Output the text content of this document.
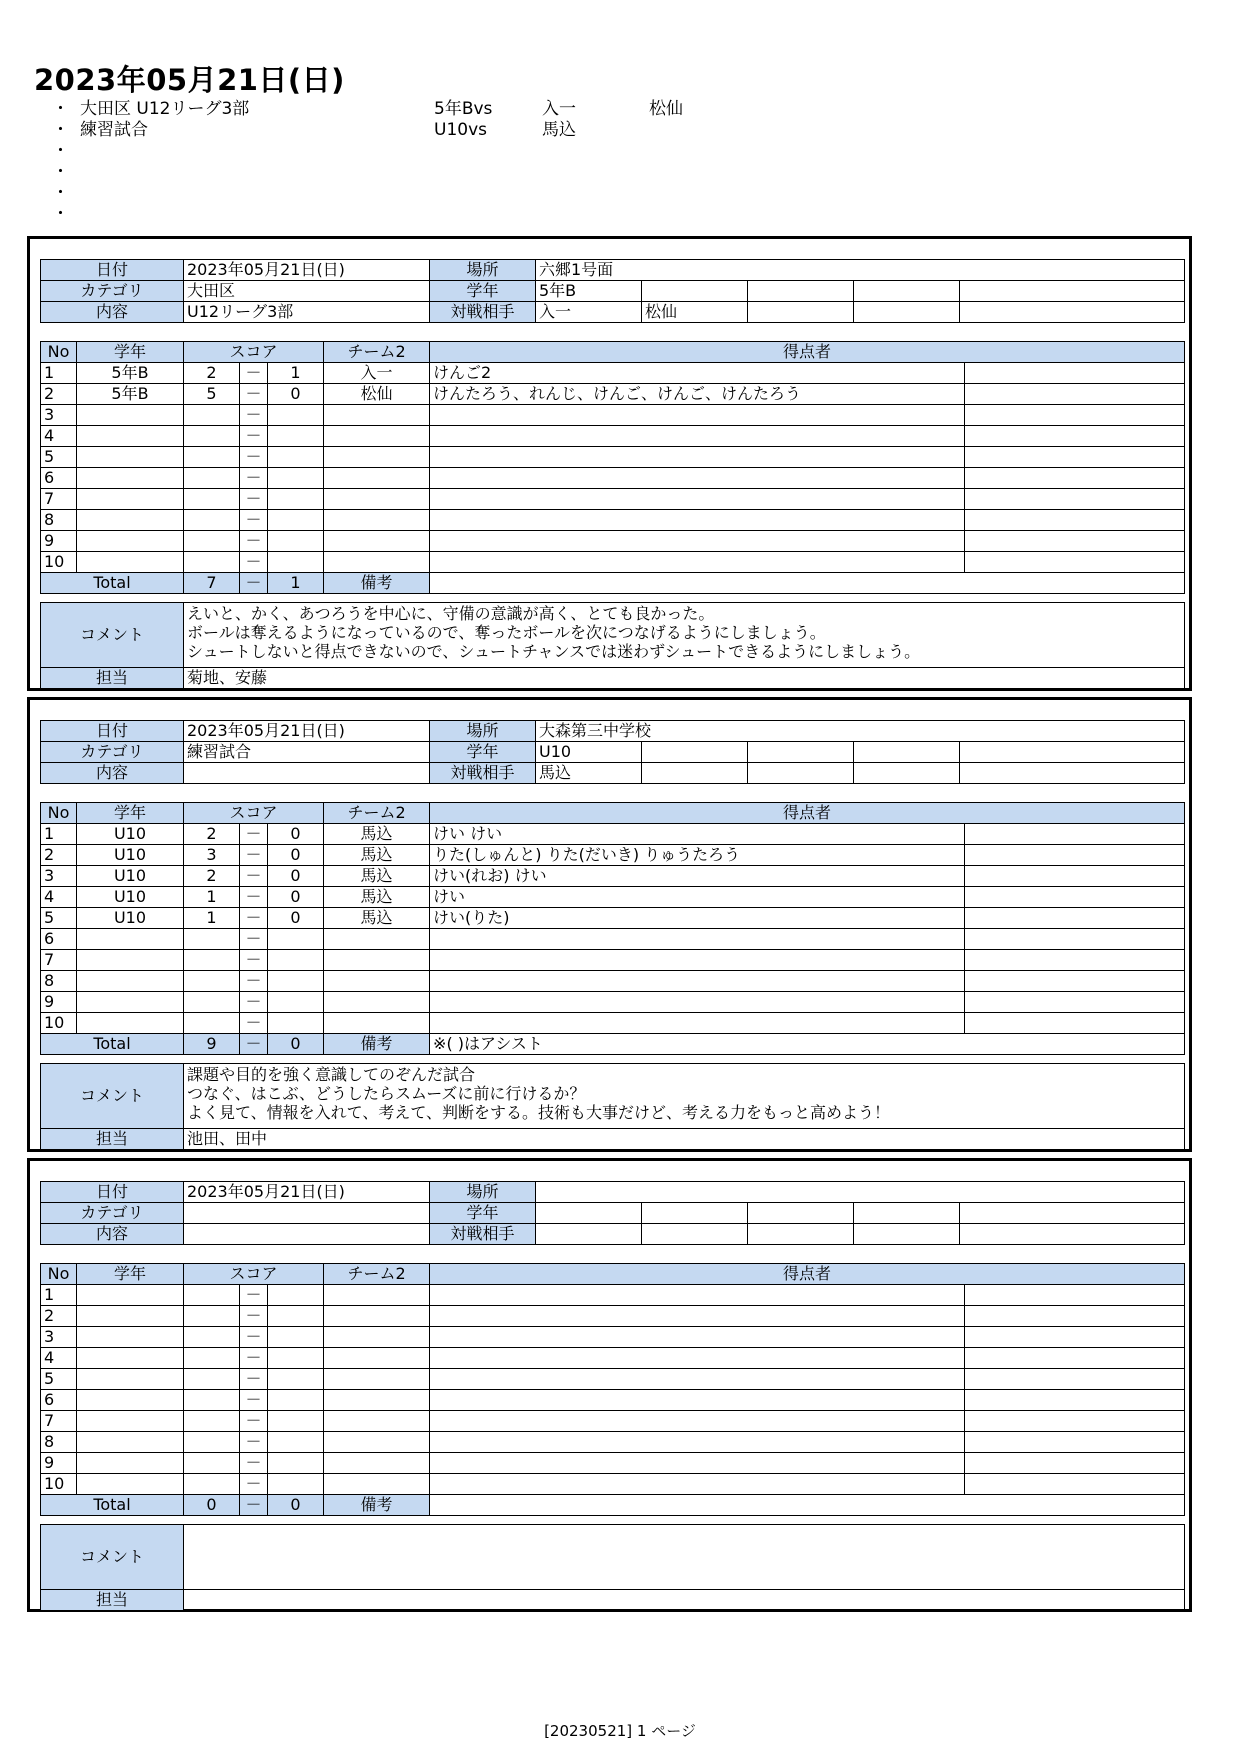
2023年05月21日(日)
・ 大田区 U12リーグ3部	5年Bvs	入一	松仙
・ 練習試合	U10vs	馬込
・
・
・
・
日付	2023年05月21日(日)	場所	六郷1号面				
カテゴリ	大田区	学年	5年B				
内容	U12リーグ3部	対戦相手	入一	松仙			
No	学年	スコア			チーム2	得点者	
1	5年B	2	－	1	入一	けんご2	
2	5年B	5	－	0	松仙	けんたろう、れんじ、けんご、けんご、けんたろう	
3			－				
4			－				
5			－				
6			－				
7			－				
8			－				
9			－				
10			－				
Total		7	－	1	備考		
コメント	えいと、かく、あつろうを中心に、守備の意識が高く、とても良かった。
ボールは奪えるようになっているので、奪ったボールを次につなげるようにしましょう。
シュートしないと得点できないので、シュートチャンスでは迷わずシュートできるようにしましょう。

担当	菊地、安藤
日付	2023年05月21日(日)	場所	大森第三中学校				
カテゴリ	練習試合	学年	U10				
内容		対戦相手	馬込				
No	学年	スコア			チーム2	得点者	
1	U10	2	－	0	馬込	けい けい	
2	U10	3	－	0	馬込	りた(しゅんと) りた(だいき) りゅうたろう	
3	U10	2	－	0	馬込	けい(れお) けい	
4	U10	1	－	0	馬込	けい	
5	U10	1	－	0	馬込	けい(りた)	
6			－				
7			－				
8			－				
9			－				
10			－				
Total		9	－	0	備考	※( )はアシスト	
コメント	課題や目的を強く意識してのぞんだ試合
つなぐ、はこぶ、どうしたらスムーズに前に行けるか？
よく見て、情報を入れて、考えて、判断をする。技術も大事だけど、考える力をもっと高めよう！

担当	池田、田中
日付	2023年05月21日(日)	場所					
カテゴリ		学年					
内容		対戦相手					
No	学年	スコア			チーム2	得点者	
1			－				
2			－				
3			－				
4			－				
5			－				
6			－				
7			－				
8			－				
9			－				
10			－				
Total		0	－	0	備考		
コメント	

担当	
[20230521] 1 ページ
